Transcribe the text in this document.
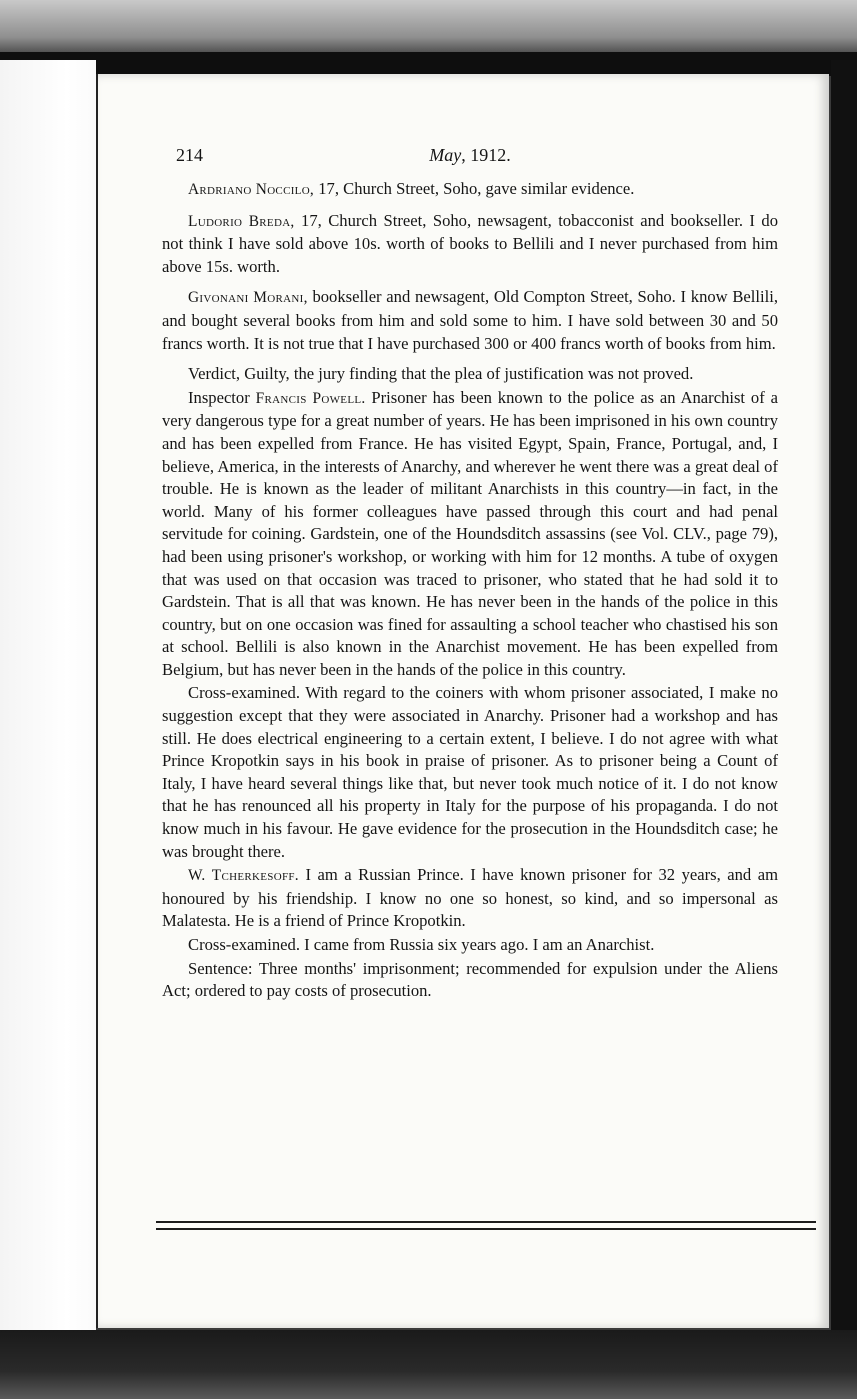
214	May, 1912.

Ardriano Noccilo, 17, Church Street, Soho, gave similar evidence.

Ludorio Breda, 17, Church Street, Soho, newsagent, tobacconist and bookseller. I do not think I have sold above 10s. worth of books to Bellili and I never purchased from him above 15s. worth.

Givonani Morani, bookseller and newsagent, Old Compton Street, Soho. I know Bellili, and bought several books from him and sold some to him. I have sold between 30 and 50 francs worth. It is not true that I have purchased 300 or 400 francs worth of books from him.

Verdict, Guilty, the jury finding that the plea of justification was not proved.

Inspector Francis Powell. Prisoner has been known to the police as an Anarchist of a very dangerous type for a great number of years. He has been imprisoned in his own country and has been expelled from France. He has visited Egypt, Spain, France, Portugal, and, I believe, America, in the interests of Anarchy, and wherever he went there was a great deal of trouble. He is known as the leader of militant Anarchists in this country—in fact, in the world. Many of his former colleagues have passed through this court and had penal servitude for coining. Gardstein, one of the Houndsditch assassins (see Vol. CLV., page 79), had been using prisoner's workshop, or working with him for 12 months. A tube of oxygen that was used on that occasion was traced to prisoner, who stated that he had sold it to Gardstein. That is all that was known. He has never been in the hands of the police in this country, but on one occasion was fined for assaulting a school teacher who chastised his son at school. Bellili is also known in the Anarchist movement. He has been expelled from Belgium, but has never been in the hands of the police in this country.

Cross-examined. With regard to the coiners with whom prisoner associated, I make no suggestion except that they were associated in Anarchy. Prisoner had a workshop and has still. He does electrical engineering to a certain extent, I believe. I do not agree with what Prince Kropotkin says in his book in praise of prisoner. As to prisoner being a Count of Italy, I have heard several things like that, but never took much notice of it. I do not know that he has renounced all his property in Italy for the purpose of his propaganda. I do not know much in his favour. He gave evidence for the prosecution in the Houndsditch case; he was brought there.

W. Tcherkesoff. I am a Russian Prince. I have known prisoner for 32 years, and am honoured by his friendship. I know no one so honest, so kind, and so impersonal as Malatesta. He is a friend of Prince Kropotkin.

Cross-examined. I came from Russia six years ago. I am an Anarchist.

Sentence: Three months' imprisonment; recommended for expulsion under the Aliens Act; ordered to pay costs of prosecution.
